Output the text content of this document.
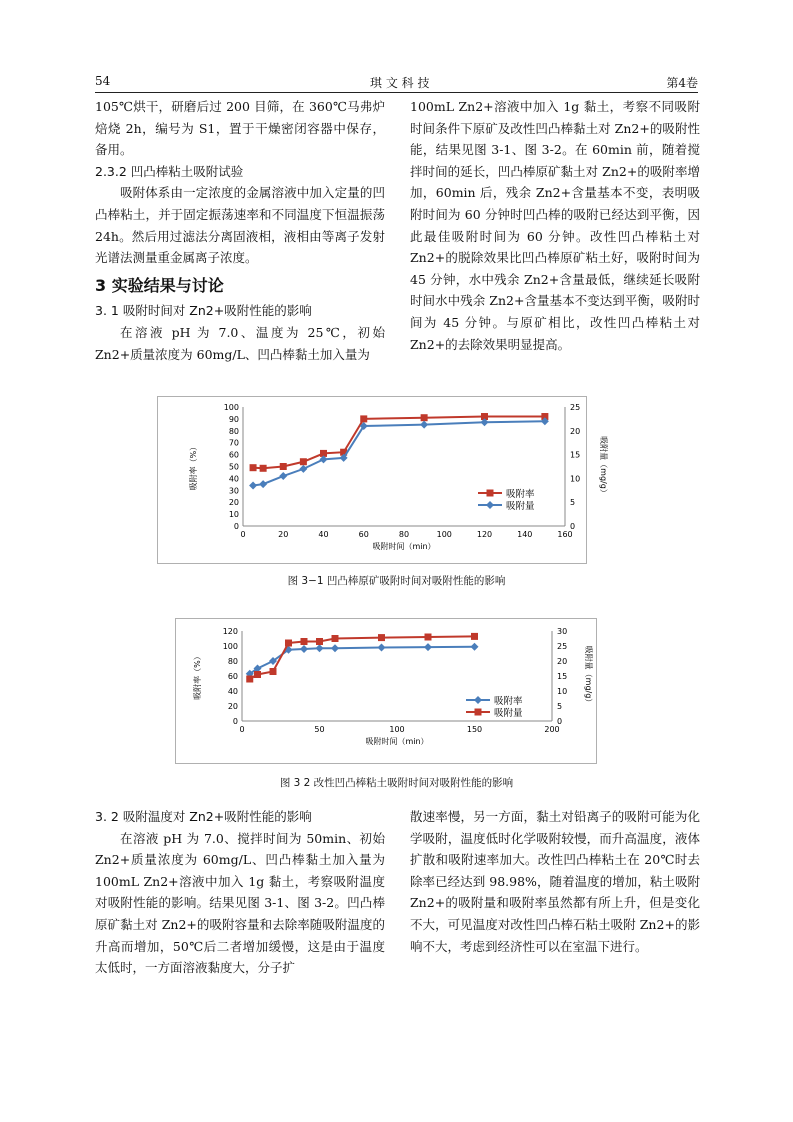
54	琪 文 科 技	第4卷

105℃烘干，研磨后过 200 目筛，在 360℃马弗炉焙烧 2h，编号为 S1，置于干燥密闭容器中保存，备用。

2.3.2 凹凸棒粘土吸附试验

吸附体系由一定浓度的金属溶液中加入定量的凹凸棒粘土，并于固定振荡速率和不同温度下恒温振荡 24h。然后用过滤法分离固液相，液相由等离子发射光谱法测量重金属离子浓度。

3 实验结果与讨论

3. 1 吸附时间对 Zn2+吸附性能的影响

在溶液 pH 为 7.0、温度为 25℃，初始 Zn2+质量浓度为 60mg/L、凹凸棒黏土加入量为

100mL Zn2+溶液中加入 1g 黏土，考察不同吸附时间条件下原矿及改性凹凸棒黏土对 Zn2+的吸附性能，结果见图 3-1、图 3-2。在 60min 前，随着搅拌时间的延长，凹凸棒原矿黏土对 Zn2+的吸附率增加，60min 后，残余 Zn2+含量基本不变，表明吸附时间为 60 分钟时凹凸棒的吸附已经达到平衡，因此最佳吸附时间为 60 分钟。改性凹凸棒粘土对 Zn2+的脱除效果比凹凸棒原矿粘土好，吸附时间为 45 分钟，水中残余 Zn2+含量最低，继续延长吸附时间水中残余 Zn2+含量基本不变达到平衡，吸附时间为 45 分钟。与原矿相比，改性凹凸棒粘土对 Zn2+的去除效果明显提高。

0	20	40	60	80	100	120	140	160
0
10
20
30
40
50
60
70
80
90
100
0
5
10
15
20
25
吸附时间（min）
吸附率（%）	吸附量（mg/g）
吸附率
吸附量
图 3−1 凹凸棒原矿吸附时间对吸附性能的影响
0	50	100	150	200
0
20
40
60
80
100
120
0
5
10
15
20
25
30
吸附时间（min）
吸附率（%）	吸附量（mg/g）
吸附率
吸附量
图 3 2 改性凹凸棒粘土吸附时间对吸附性能的影响

3. 2 吸附温度对 Zn2+吸附性能的影响

在溶液 pH 为 7.0、搅拌时间为 50min、初始 Zn2+质量浓度为 60mg/L、凹凸棒黏土加入量为 100mL Zn2+溶液中加入 1g 黏土，考察吸附温度对吸附性能的影响。结果见图 3-1、图 3-2。凹凸棒原矿黏土对 Zn2+的吸附容量和去除率随吸附温度的升高而增加，50℃后二者增加缓慢，这是由于温度太低时，一方面溶液黏度大，分子扩

散速率慢，另一方面，黏土对铅离子的吸附可能为化学吸附，温度低时化学吸附较慢，而升高温度，液体扩散和吸附速率加大。改性凹凸棒粘土在 20℃时去除率已经达到 98.98%，随着温度的增加，粘土吸附 Zn2+的吸附量和吸附率虽然都有所上升，但是变化不大，可见温度对改性凹凸棒石粘土吸附 Zn2+的影响不大，考虑到经济性可以在室温下进行。
